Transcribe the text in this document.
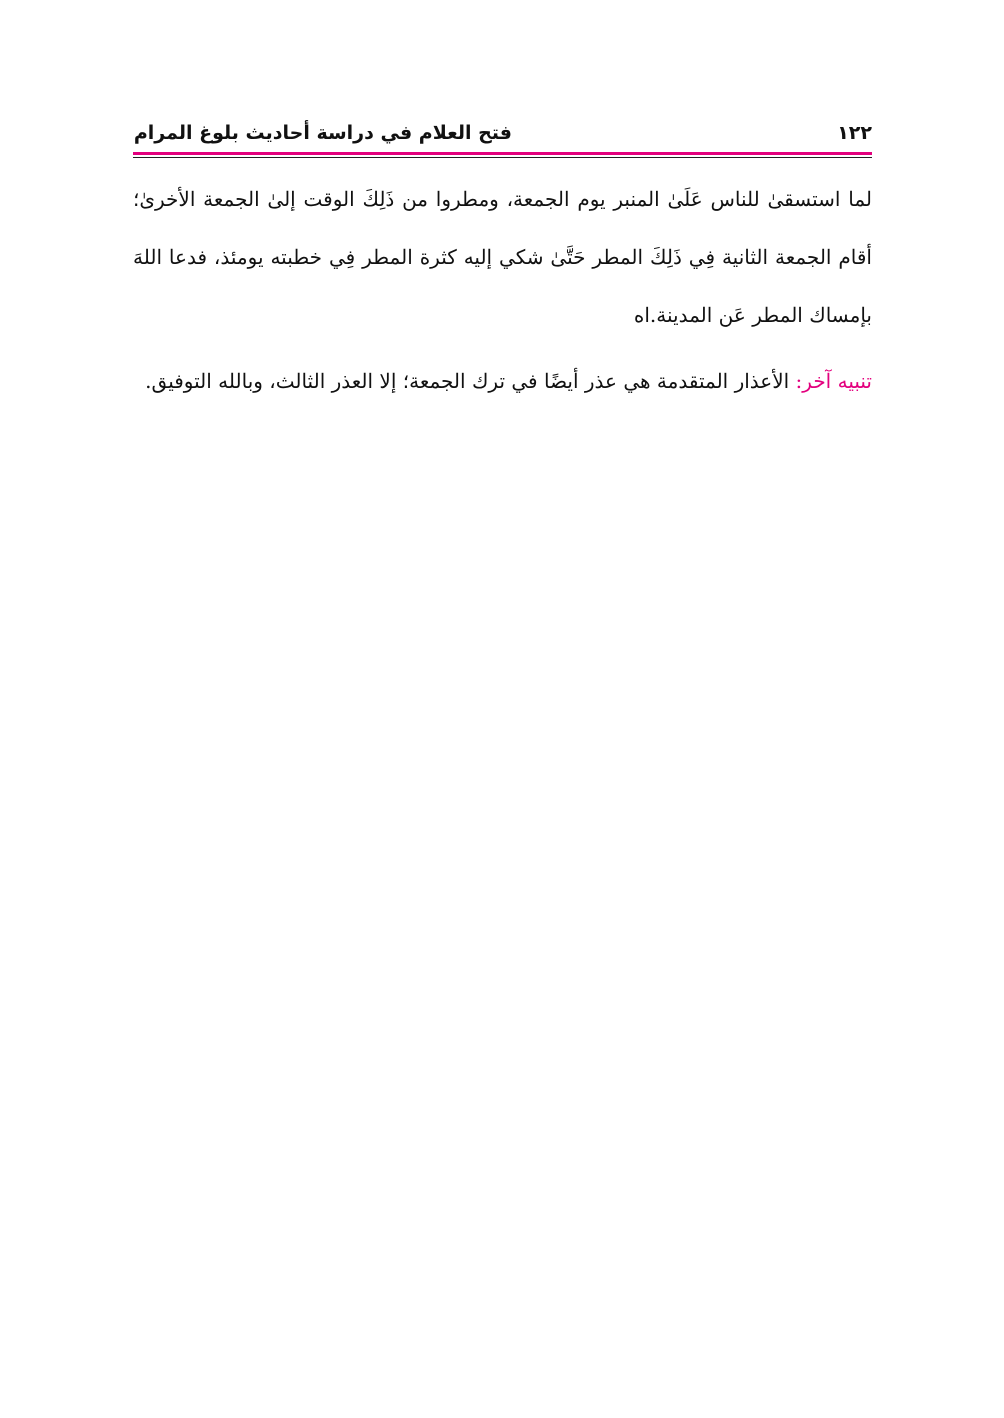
فتح العلام في دراسة أحاديث بلوغ المرام	١٢٢

لما استسقىٰ للناس عَلَىٰ المنبر يوم الجمعة، ومطروا من ذَلِكَ الوقت إلىٰ الجمعة الأخرىٰ؛ أقام الجمعة الثانية فِي ذَلِكَ المطر حَتَّىٰ شكي إليه كثرة المطر فِي خطبته يومئذ، فدعا اللهَ بإمساك المطر عَن المدينة.اه

تنبيه آخر: الأعذار المتقدمة هي عذر أيضًا في ترك الجمعة؛ إلا العذر الثالث، وبالله التوفيق.
